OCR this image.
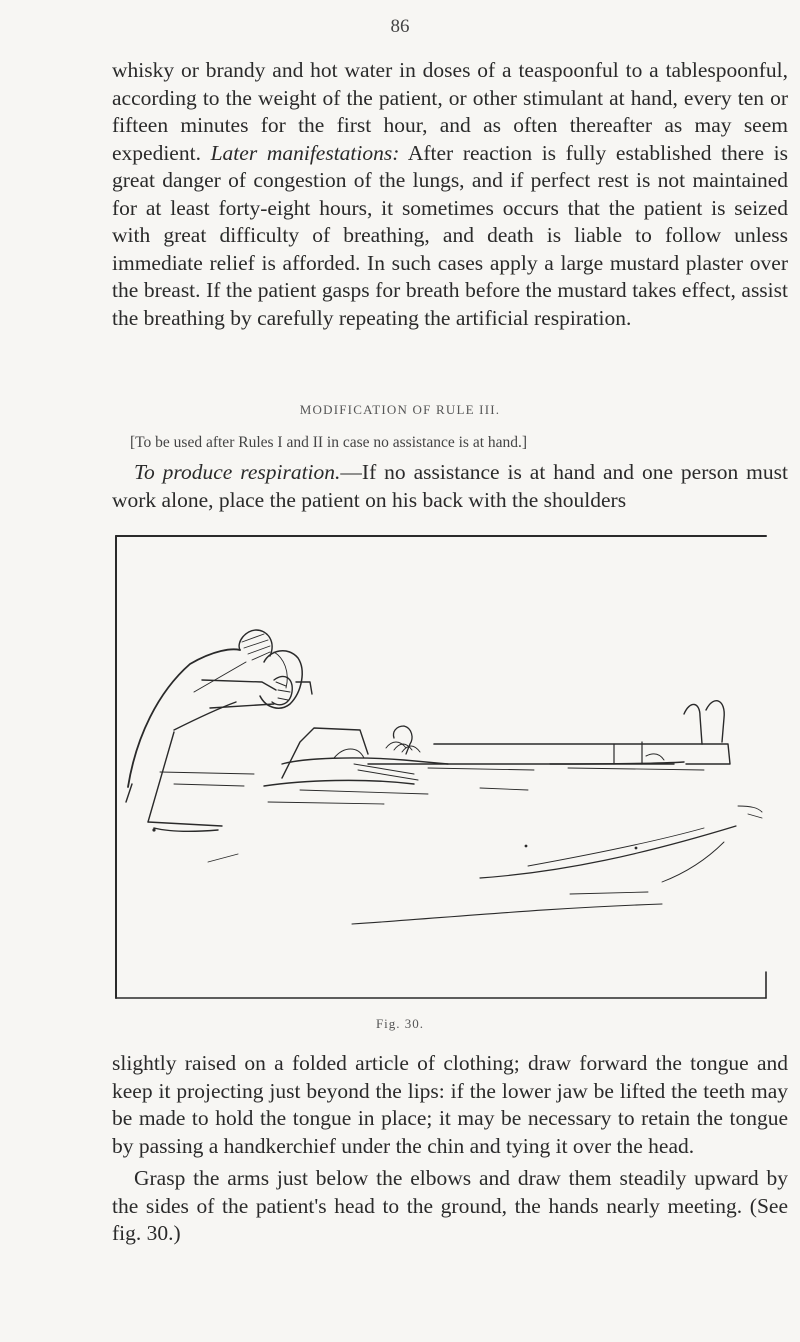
86

whisky or brandy and hot water in doses of a teaspoonful to a tablespoonful, according to the weight of the patient, or other stimulant at hand, every ten or fifteen minutes for the first hour, and as often thereafter as may seem expedient. Later manifestations: After reaction is fully established there is great danger of congestion of the lungs, and if perfect rest is not maintained for at least forty-eight hours, it sometimes occurs that the patient is seized with great difficulty of breathing, and death is liable to follow unless immediate relief is afforded. In such cases apply a large mustard plaster over the breast. If the patient gasps for breath before the mustard takes effect, assist the breathing by carefully repeating the artificial respiration.

MODIFICATION OF RULE III.

[To be used after Rules I and II in case no assistance is at hand.]

To produce respiration.—If no assistance is at hand and one person must work alone, place the patient on his back with the shoulders

Fig. 30.

slightly raised on a folded article of clothing; draw forward the tongue and keep it projecting just beyond the lips: if the lower jaw be lifted the teeth may be made to hold the tongue in place; it may be necessary to retain the tongue by passing a handkerchief under the chin and tying it over the head.

Grasp the arms just below the elbows and draw them steadily upward by the sides of the patient's head to the ground, the hands nearly meeting. (See fig. 30.)
